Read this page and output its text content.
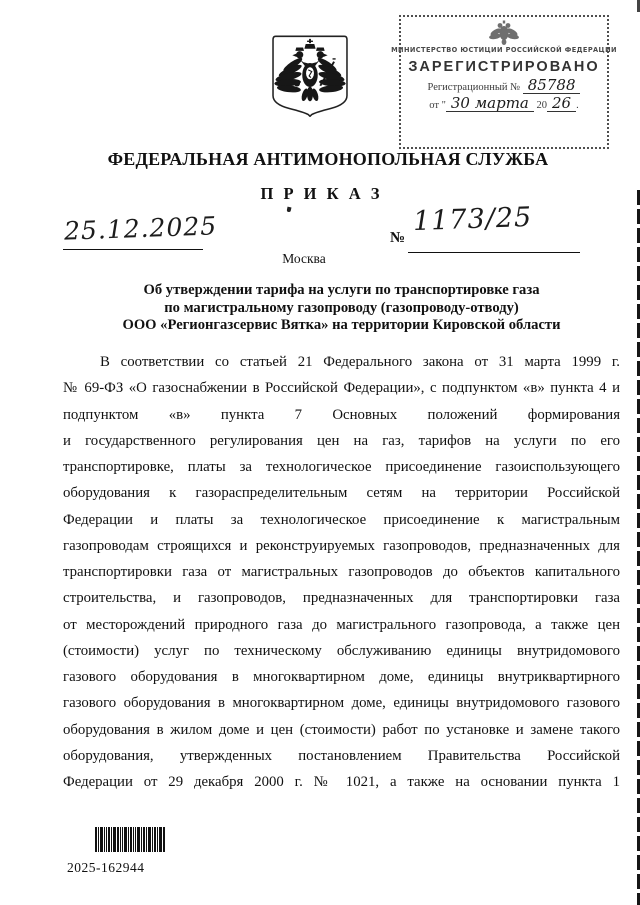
МИНИСТЕРСТВО ЮСТИЦИИ РОССИЙСКОЙ ФЕДЕРАЦИИ
ЗАРЕГИСТРИРОВАНО
Регистрационный № 85788
от " 30 марта 20 26 .
ФЕДЕРАЛЬНАЯ АНТИМОНОПОЛЬНАЯ СЛУЖБА
П Р И К А З
25.12.2025	№
1173/25
Москва
Об утверждении тарифа на услуги по транспортировке газа
по магистральному газопроводу (газопроводу-отводу)
ООО «Регионгазсервис Вятка» на территории Кировской области
В соответствии со статьей 21 Федерального закона от 31 марта 1999 г.
№ 69-ФЗ «О газоснабжении в Российской Федерации», с подпунктом «в» пункта 4 и
подпунктом «в» пункта 7 Основных положений формирования
и государственного регулирования цен на газ, тарифов на услуги по его
транспортировке, платы за технологическое присоединение газоиспользующего
оборудования к газораспределительным сетям на территории Российской
Федерации и платы за технологическое присоединение к магистральным
газопроводам строящихся и реконструируемых газопроводов, предназначенных для
транспортировки газа от магистральных газопроводов до объектов капитального
строительства, и газопроводов, предназначенных для транспортировки газа
от месторождений природного газа до магистрального газопровода, а также цен
(стоимости) услуг по техническому обслуживанию единицы внутридомового
газового оборудования в многоквартирном доме, единицы внутриквартирного
газового оборудования в многоквартирном доме, единицы внутридомового газового
оборудования в жилом доме и цен (стоимости) работ по установке и замене такого
оборудования, утвержденных постановлением Правительства Российской
Федерации от 29 декабря 2000 г. № 1021, а также на основании пункта 1
2025-162944
